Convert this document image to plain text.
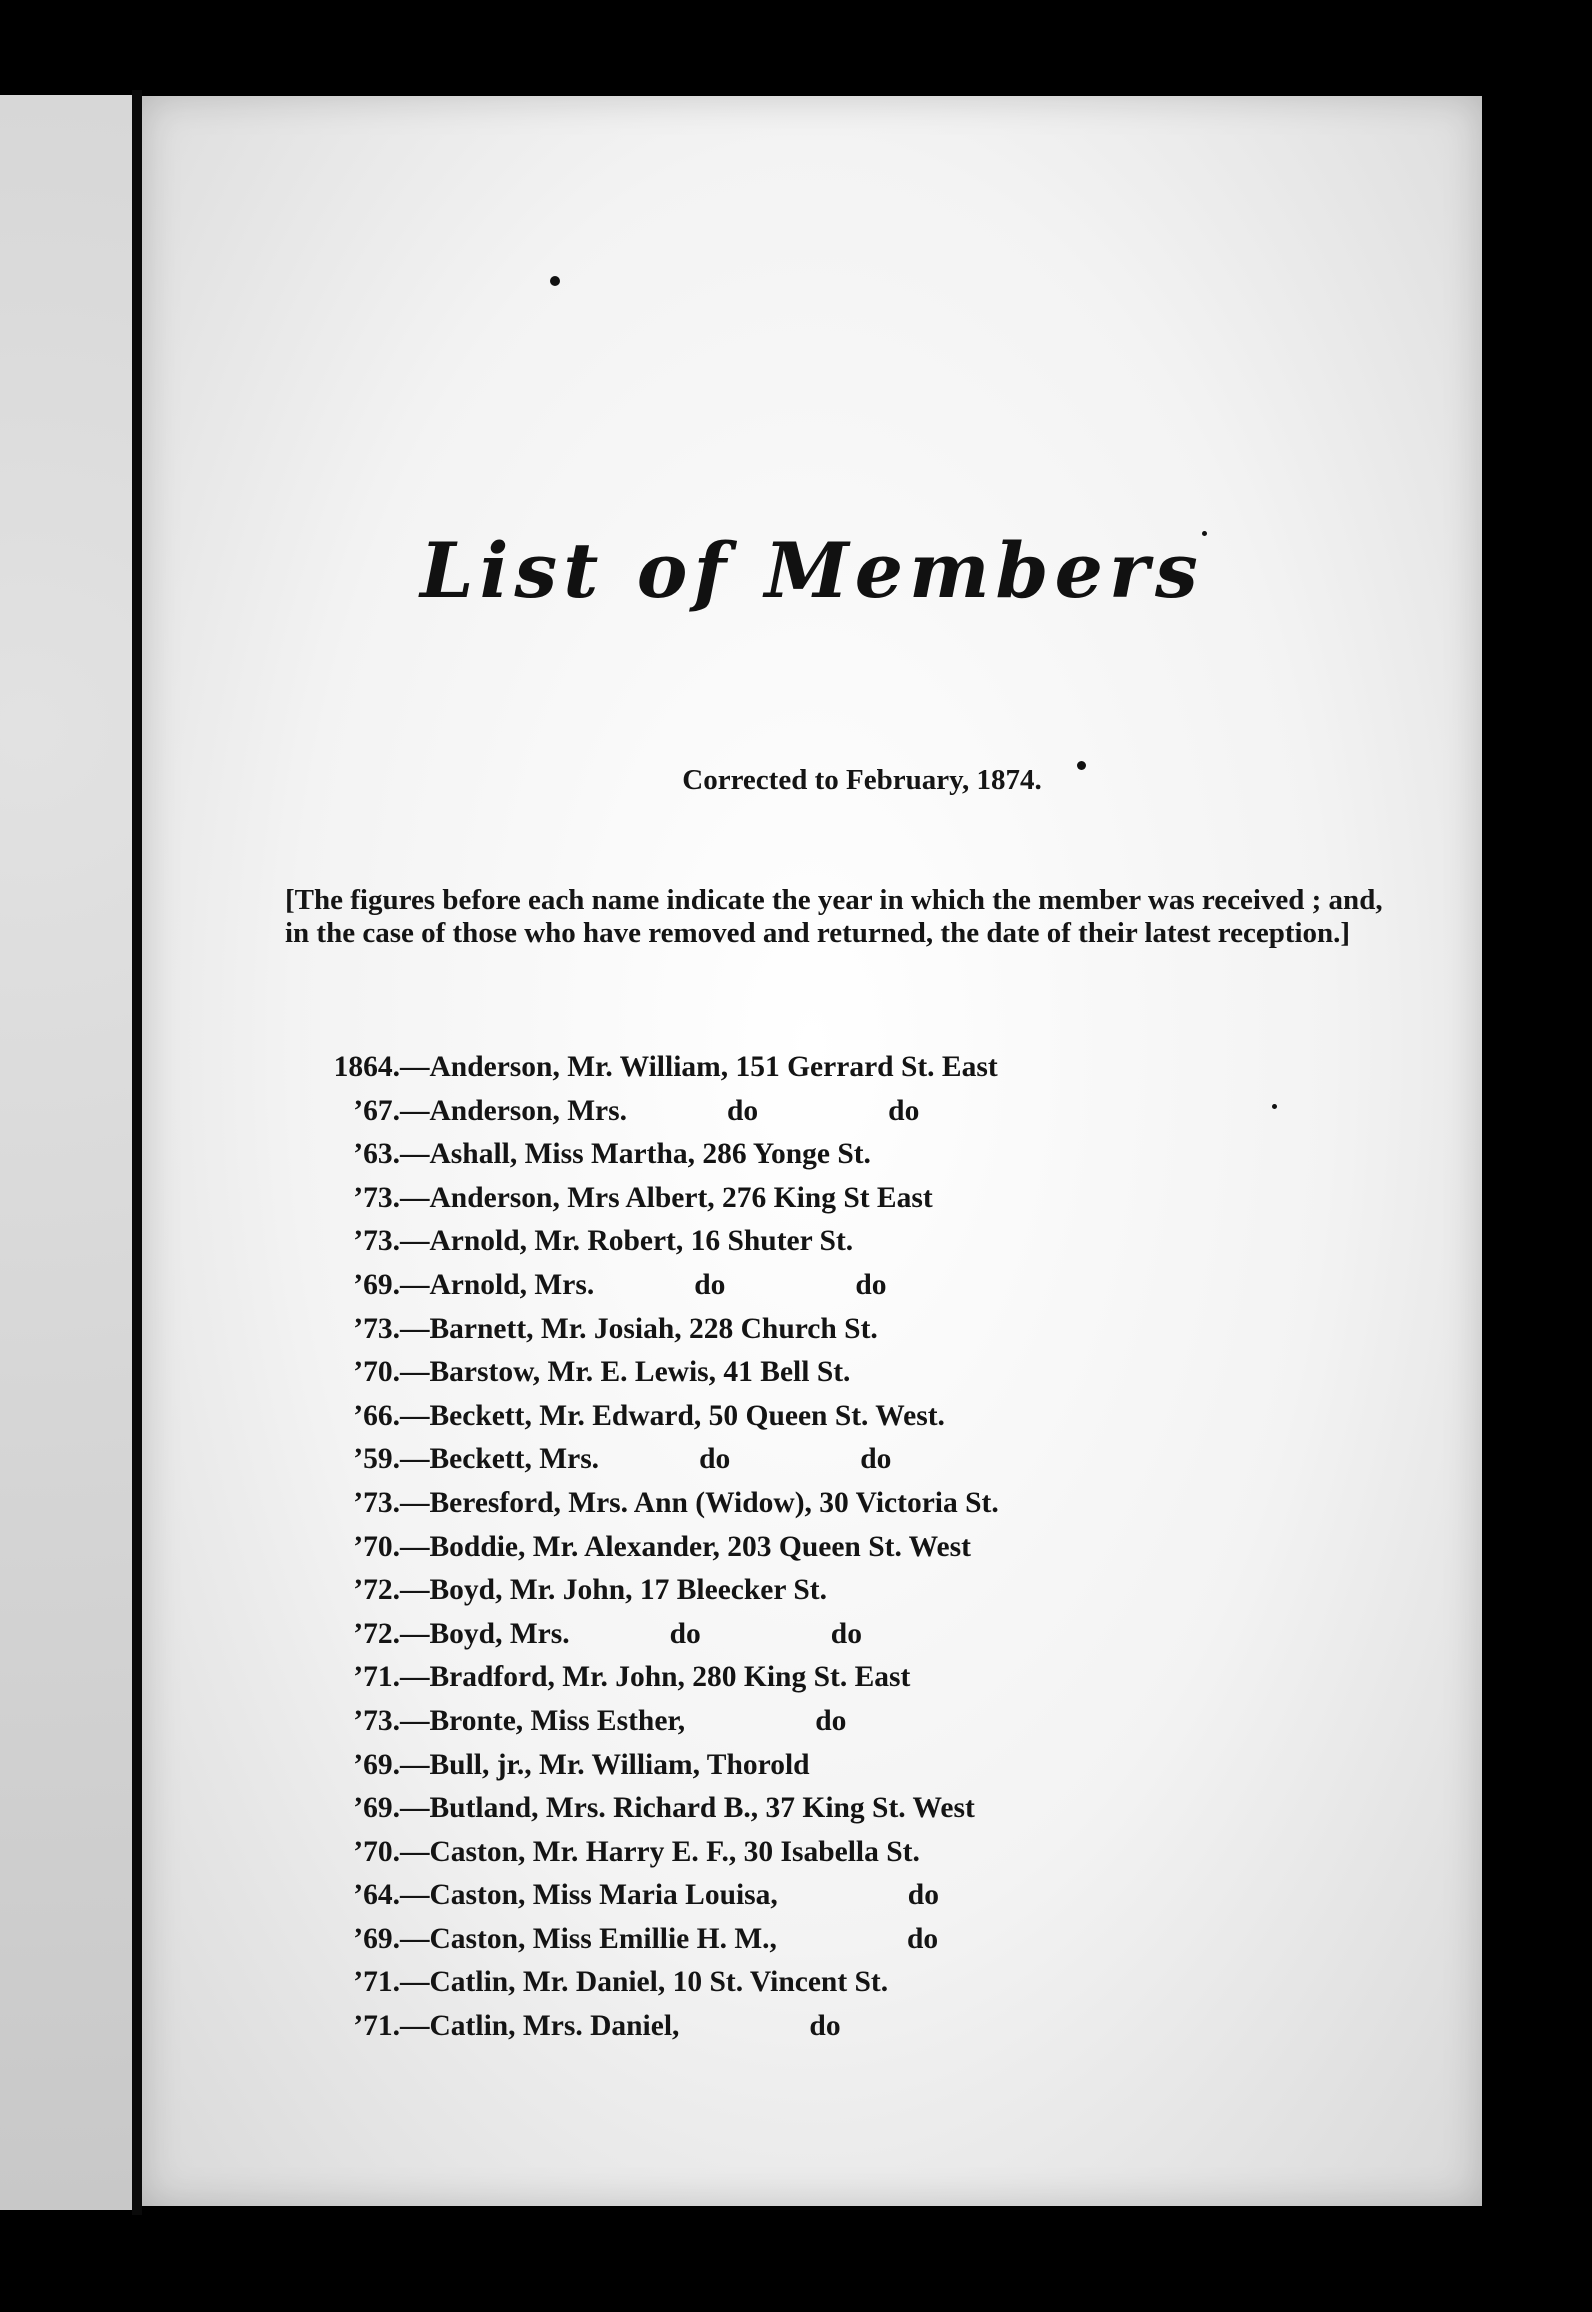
List of Members
Corrected to February, 1874.
[The figures before each name indicate the year in which the member was received ; and, in the case of those who have removed and returned, the date of their latest reception.]
1864.—Anderson, Mr. William, 151 Gerrard St. East
’67.—Anderson, Mrs.	do	do
’63.—Ashall, Miss Martha, 286 Yonge St.
’73.—Anderson, Mrs Albert, 276 King St East
’73.—Arnold, Mr. Robert, 16 Shuter St.
’69.—Arnold, Mrs.	do	do
’73.—Barnett, Mr. Josiah, 228 Church St.
’70.—Barstow, Mr. E. Lewis, 41 Bell St.
’66.—Beckett, Mr. Edward, 50 Queen St. West.
’59.—Beckett, Mrs.	do	do
’73.—Beresford, Mrs. Ann (Widow), 30 Victoria St.
’70.—Boddie, Mr. Alexander, 203 Queen St. West
’72.—Boyd, Mr. John, 17 Bleecker St.
’72.—Boyd, Mrs.	do	do
’71.—Bradford, Mr. John, 280 King St. East
’73.—Bronte, Miss Esther,	do
’69.—Bull, jr., Mr. William, Thorold
’69.—Butland, Mrs. Richard B., 37 King St. West
’70.—Caston, Mr. Harry E. F., 30 Isabella St.
’64.—Caston, Miss Maria Louisa,	do
’69.—Caston, Miss Emillie H. M.,	do
’71.—Catlin, Mr. Daniel, 10 St. Vincent St.
’71.—Catlin, Mrs. Daniel,	do
